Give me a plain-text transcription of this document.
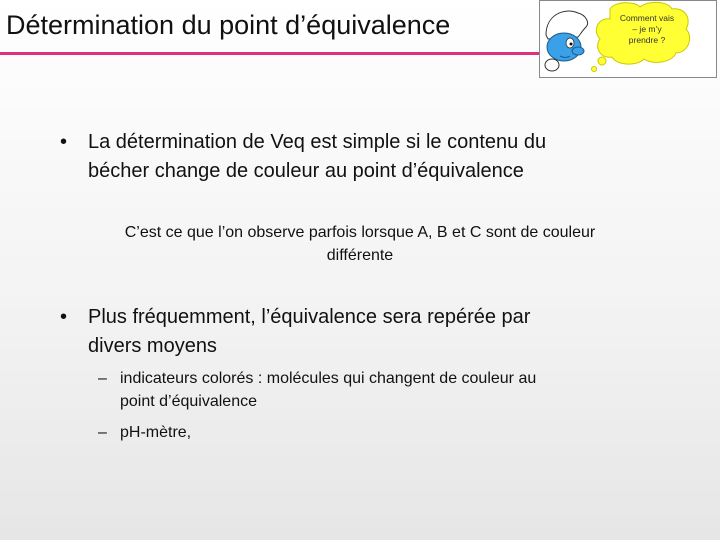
Détermination du point d’équivalence	Comment vais
– je m’y
prendre ?
• La détermination de Veq est simple si le contenu du
bécher change de couleur au point d’équivalence
C’est ce que l’on observe parfois lorsque A, B et C sont de couleur
différente
• Plus fréquemment, l’équivalence sera repérée par
divers moyens
– indicateurs colorés : molécules qui changent de couleur au
point d’équivalence
– pH-mètre,
